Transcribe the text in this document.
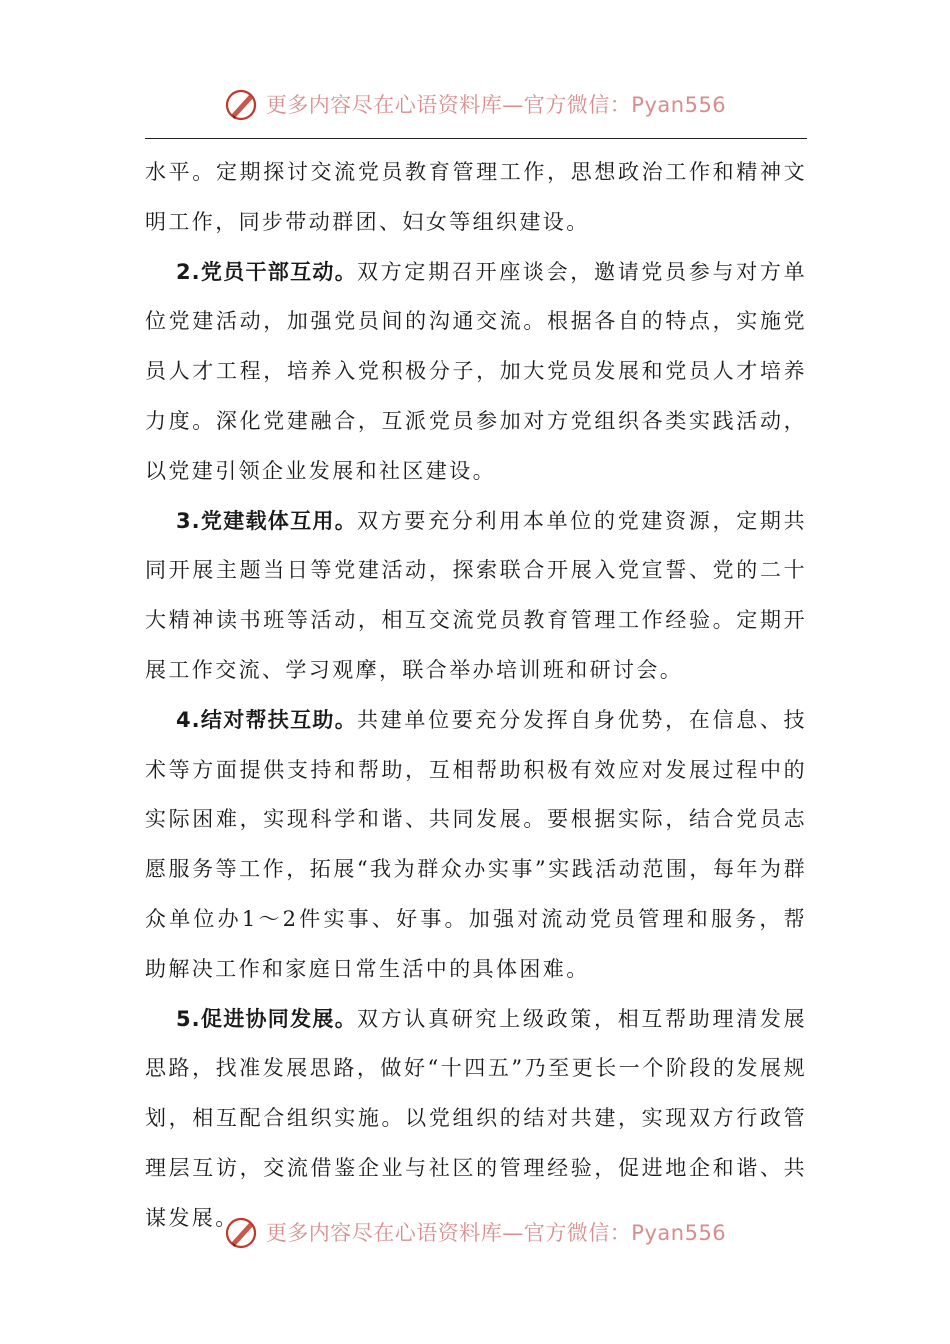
更多内容尽在心语资料库—官方微信：Pyan556

水平。定期探讨交流党员教育管理工作，思想政治工作和精神文明工作，同步带动群团、妇女等组织建设。

2.党员干部互动。双方定期召开座谈会，邀请党员参与对方单位党建活动，加强党员间的沟通交流。根据各自的特点，实施党员人才工程，培养入党积极分子，加大党员发展和党员人才培养力度。深化党建融合，互派党员参加对方党组织各类实践活动，以党建引领企业发展和社区建设。

3.党建载体互用。双方要充分利用本单位的党建资源，定期共同开展主题当日等党建活动，探索联合开展入党宣誓、党的二十大精神读书班等活动，相互交流党员教育管理工作经验。定期开展工作交流、学习观摩，联合举办培训班和研讨会。

4.结对帮扶互助。共建单位要充分发挥自身优势，在信息、技术等方面提供支持和帮助，互相帮助积极有效应对发展过程中的实际困难，实现科学和谐、共同发展。要根据实际，结合党员志愿服务等工作，拓展“我为群众办实事”实践活动范围，每年为群众单位办1～2件实事、好事。加强对流动党员管理和服务，帮助解决工作和家庭日常生活中的具体困难。

5.促进协同发展。双方认真研究上级政策，相互帮助理清发展思路，找准发展思路，做好“十四五”乃至更长一个阶段的发展规划，相互配合组织实施。以党组织的结对共建，实现双方行政管理层互访，交流借鉴企业与社区的管理经验，促进地企和谐、共谋发展。

更多内容尽在心语资料库—官方微信：Pyan556
